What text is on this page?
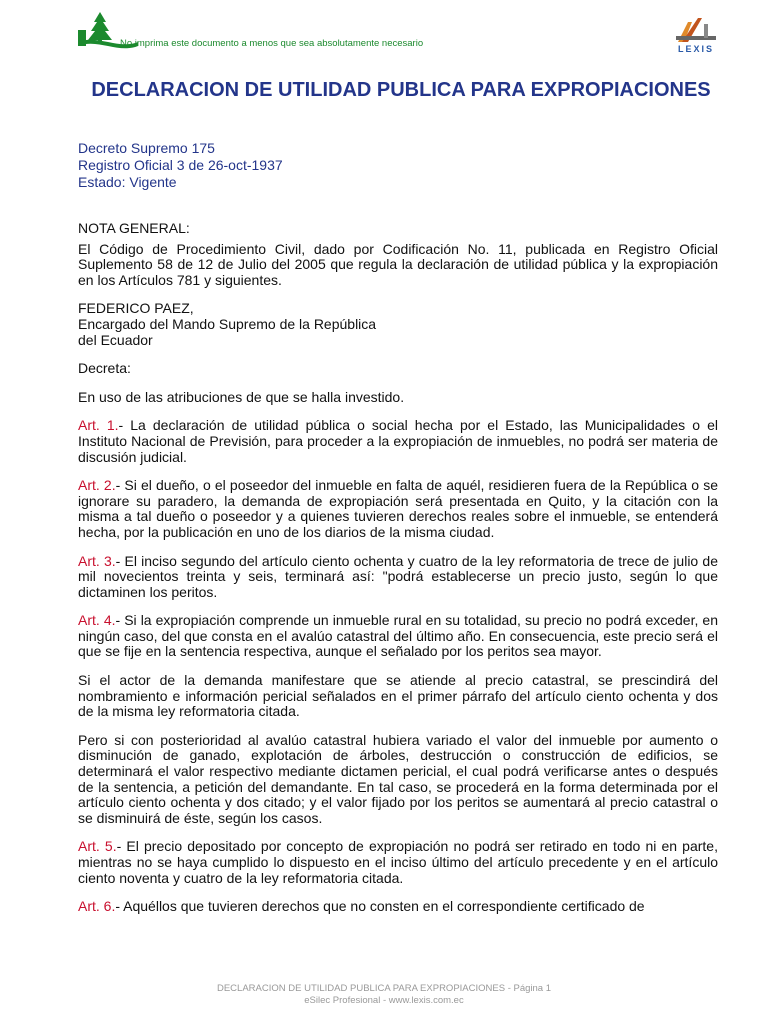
No imprima este documento a menos que sea absolutamente necesario	LEXIS
DECLARACION DE UTILIDAD PUBLICA PARA EXPROPIACIONES
Decreto Supremo 175
Registro Oficial 3 de 26-oct-1937
Estado: Vigente

NOTA GENERAL:

El Código de Procedimiento Civil, dado por Codificación No. 11, publicada en Registro Oficial Suplemento 58 de 12 de Julio del 2005 que regula la declaración de utilidad pública y la expropiación en los Artículos 781 y siguientes.

FEDERICO PAEZ,
Encargado del Mando Supremo de la República
del Ecuador

Decreta:

En uso de las atribuciones de que se halla investido.

Art. 1.- La declaración de utilidad pública o social hecha por el Estado, las Municipalidades o el Instituto Nacional de Previsión, para proceder a la expropiación de inmuebles, no podrá ser materia de discusión judicial.

Art. 2.- Si el dueño, o el poseedor del inmueble en falta de aquél, residieren fuera de la República o se ignorare su paradero, la demanda de expropiación será presentada en Quito, y la citación con la misma a tal dueño o poseedor y a quienes tuvieren derechos reales sobre el inmueble, se entenderá hecha, por la publicación en uno de los diarios de la misma ciudad.

Art. 3.- El inciso segundo del artículo ciento ochenta y cuatro de la ley reformatoria de trece de julio de mil novecientos treinta y seis, terminará así: "podrá establecerse un precio justo, según lo que dictaminen los peritos.

Art. 4.- Si la expropiación comprende un inmueble rural en su totalidad, su precio no podrá exceder, en ningún caso, del que consta en el avalúo catastral del último año. En consecuencia, este precio será el que se fije en la sentencia respectiva, aunque el señalado por los peritos sea mayor.

Si el actor de la demanda manifestare que se atiende al precio catastral, se prescindirá del nombramiento e información pericial señalados en el primer párrafo del artículo ciento ochenta y dos de la misma ley reformatoria citada.

Pero si con posterioridad al avalúo catastral hubiera variado el valor del inmueble por aumento o disminución de ganado, explotación de árboles, destrucción o construcción de edificios, se determinará el valor respectivo mediante dictamen pericial, el cual podrá verificarse antes o después de la sentencia, a petición del demandante. En tal caso, se procederá en la forma determinada por el artículo ciento ochenta y dos citado; y el valor fijado por los peritos se aumentará al precio catastral o se disminuirá de éste, según los casos.

Art. 5.- El precio depositado por concepto de expropiación no podrá ser retirado en todo ni en parte, mientras no se haya cumplido lo dispuesto en el inciso último del artículo precedente y en el artículo ciento noventa y cuatro de la ley reformatoria citada.

Art. 6.- Aquéllos que tuvieren derechos que no consten en el correspondiente certificado de

DECLARACION DE UTILIDAD PUBLICA PARA EXPROPIACIONES - Página 1
eSilec Profesional - www.lexis.com.ec
